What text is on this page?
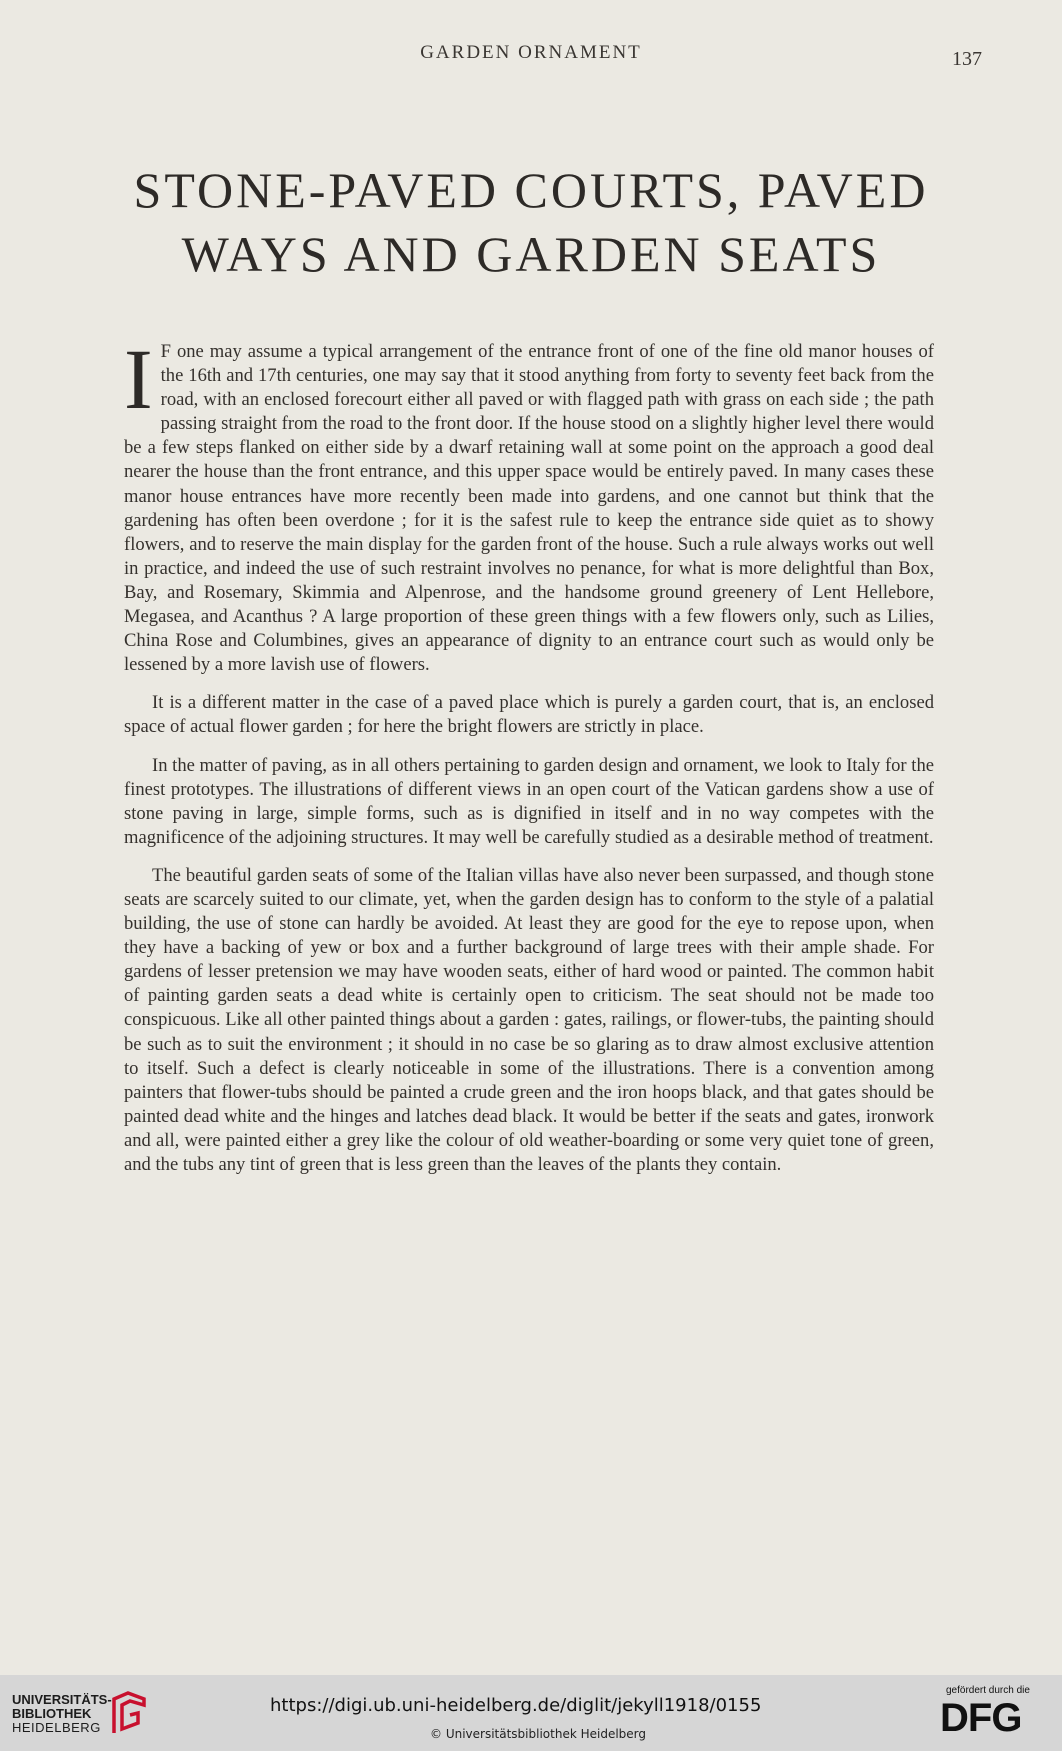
GARDEN ORNAMENT	137
STONE-PAVED COURTS, PAVED
WAYS AND GARDEN SEATS

I F one may assume a typical arrangement of the entrance front of one of the fine old manor houses of the 16th and 17th centuries, one may say that it stood anything from forty to seventy feet back from the road, with an enclosed forecourt either all paved or with flagged path with grass on each side ; the path passing straight from the road to the front door. If the house stood on a slightly higher level there would be a few steps flanked on either side by a dwarf retaining wall at some point on the approach a good deal nearer the house than the front entrance, and this upper space would be entirely paved. In many cases these manor house entrances have more recently been made into gardens, and one cannot but think that the gardening has often been overdone ; for it is the safest rule to keep the entrance side quiet as to showy flowers, and to reserve the main display for the garden front of the house. Such a rule always works out well in practice, and indeed the use of such restraint involves no penance, for what is more delightful than Box, Bay, and Rosemary, Skimmia and Alpenrose, and the handsome ground greenery of Lent Hellebore, Megasea, and Acanthus ? A large proportion of these green things with a few flowers only, such as Lilies, China Rose and Columbines, gives an appearance of dignity to an entrance court such as would only be lessened by a more lavish use of flowers.

It is a different matter in the case of a paved place which is purely a garden court, that is, an enclosed space of actual flower garden ; for here the bright flowers are strictly in place.

In the matter of paving, as in all others pertaining to garden design and ornament, we look to Italy for the finest prototypes. The illustrations of different views in an open court of the Vatican gardens show a use of stone paving in large, simple forms, such as is dignified in itself and in no way competes with the magnificence of the adjoining structures. It may well be carefully studied as a desirable method of treatment.

The beautiful garden seats of some of the Italian villas have also never been surpassed, and though stone seats are scarcely suited to our climate, yet, when the garden design has to conform to the style of a palatial building, the use of stone can hardly be avoided. At least they are good for the eye to repose upon, when they have a backing of yew or box and a further background of large trees with their ample shade. For gardens of lesser pretension we may have wooden seats, either of hard wood or painted. The common habit of painting garden seats a dead white is certainly open to criticism. The seat should not be made too conspicuous. Like all other painted things about a garden : gates, railings, or flower-tubs, the painting should be such as to suit the environment ; it should in no case be so glaring as to draw almost exclusive attention to itself. Such a defect is clearly noticeable in some of the illustrations. There is a convention among painters that flower-tubs should be painted a crude green and the iron hoops black, and that gates should be painted dead white and the hinges and latches dead black. It would be better if the seats and gates, ironwork and all, were painted either a grey like the colour of old weather-boarding or some very quiet tone of green, and the tubs any tint of green that is less green than the leaves of the plants they contain.

UNIVERSITÄTS-
BIBLIOTHEK
HEIDELBERG
https://digi.ub.uni-heidelberg.de/diglit/jekyll1918/0155
© Universitätsbibliothek Heidelberg
gefördert durch die
DFG
